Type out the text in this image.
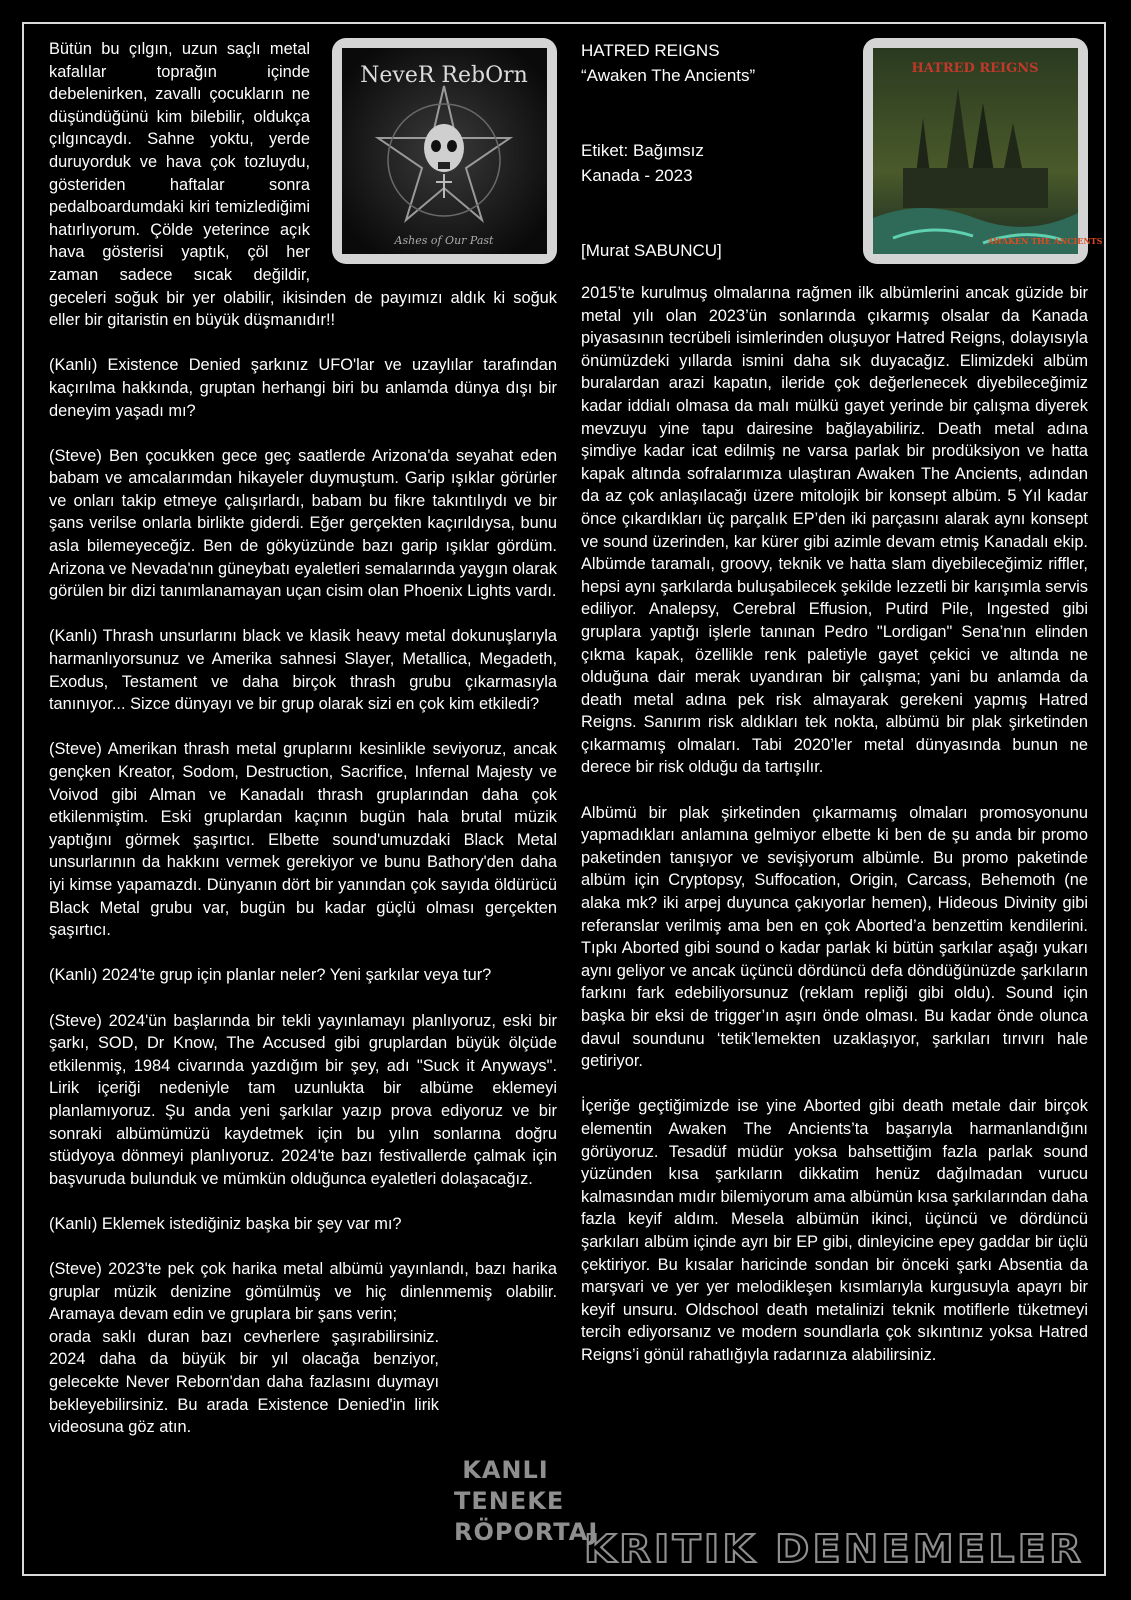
NeveR RebOrn
Ashes of Our Past

Bütün bu çılgın, uzun saçlı metal kafalılar toprağın içinde debelenirken, zavallı çocukların ne düşündüğünü kim bilebilir, oldukça çılgıncaydı. Sahne yoktu, yerde duruyorduk ve hava çok tozluydu, gösteriden haftalar sonra pedalboardumdaki kiri temizlediğimi hatırlıyorum. Çölde yeterince açık hava gösterisi yaptık, çöl her zaman sadece sıcak değildir, geceleri soğuk bir yer olabilir, ikisinden de payımızı aldık ki soğuk eller bir gitaristin en büyük düşmanıdır!!

(Kanlı) Existence Denied şarkınız UFO'lar ve uzaylılar tarafından kaçırılma hakkında, gruptan herhangi biri bu anlamda dünya dışı bir deneyim yaşadı mı?

(Steve) Ben çocukken gece geç saatlerde Arizona'da seyahat eden babam ve amcalarımdan hikayeler duymuştum. Garip ışıklar görürler ve onları takip etmeye çalışırlardı, babam bu fikre takıntılıydı ve bir şans verilse onlarla birlikte giderdi. Eğer gerçekten kaçırıldıysa, bunu asla bilemeyeceğiz. Ben de gökyüzünde bazı garip ışıklar gördüm. Arizona ve Nevada'nın güneybatı eyaletleri semalarında yaygın olarak görülen bir dizi tanımlanamayan uçan cisim olan Phoenix Lights vardı.

(Kanlı) Thrash unsurlarını black ve klasik heavy metal dokunuşlarıyla harmanlıyorsunuz ve Amerika sahnesi Slayer, Metallica, Megadeth, Exodus, Testament ve daha birçok thrash grubu çıkarmasıyla tanınıyor... Sizce dünyayı ve bir grup olarak sizi en çok kim etkiledi?

(Steve) Amerikan thrash metal gruplarını kesinlikle seviyoruz, ancak gençken Kreator, Sodom, Destruction, Sacrifice, Infernal Majesty ve Voivod gibi Alman ve Kanadalı thrash gruplarından daha çok etkilenmiştim. Eski gruplardan kaçının bugün hala brutal müzik yaptığını görmek şaşırtıcı. Elbette sound'umuzdaki Black Metal unsurlarının da hakkını vermek gerekiyor ve bunu Bathory'den daha iyi kimse yapamazdı. Dünyanın dört bir yanından çok sayıda öldürücü Black Metal grubu var, bugün bu kadar güçlü olması gerçekten şaşırtıcı.

(Kanlı) 2024'te grup için planlar neler? Yeni şarkılar veya tur?

(Steve) 2024'ün başlarında bir tekli yayınlamayı planlıyoruz, eski bir şarkı, SOD, Dr Know, The Accused gibi gruplardan büyük ölçüde etkilenmiş, 1984 civarında yazdığım bir şey, adı "Suck it Anyways". Lirik içeriği nedeniyle tam uzunlukta bir albüme eklemeyi planlamıyoruz. Şu anda yeni şarkılar yazıp prova ediyoruz ve bir sonraki albümümüzü kaydetmek için bu yılın sonlarına doğru stüdyoya dönmeyi planlıyoruz. 2024'te bazı festivallerde çalmak için başvuruda bulunduk ve mümkün olduğunca eyaletleri dolaşacağız.

(Kanlı) Eklemek istediğiniz başka bir şey var mı?

(Steve) 2023'te pek çok harika metal albümü yayınlandı, bazı harika gruplar müzik denizine gömülmüş ve hiç dinlenmemiş olabilir. Aramaya devam edin ve gruplara bir şans verin;

orada saklı duran bazı cevherlere şaşırabilirsiniz. 2024 daha da büyük bir yıl olacağa benziyor, gelecekte Never Reborn'dan daha fazlasını duymayı bekleyebilirsiniz. Bu arada Existence Denied'in lirik videosuna göz atın.

KANLI
TENEKE
RÖPORTAJ
HATRED REIGNS
AWAKEN THE ANCIENTS

HATRED REIGNS

“Awaken The Ancients”

Etiket: Bağımsız

Kanada - 2023

[Murat SABUNCU]

2015’te kurulmuş olmalarına rağmen ilk albümlerini ancak güzide bir metal yılı olan 2023’ün sonlarında çıkarmış olsalar da Kanada piyasasının tecrübeli isimlerinden oluşuyor Hatred Reigns, dolayısıyla önümüzdeki yıllarda ismini daha sık duyacağız. Elimizdeki albüm buralardan arazi kapatın, ileride çok değerlenecek diyebileceğimiz kadar iddialı olmasa da malı mülkü gayet yerinde bir çalışma diyerek mevzuyu yine tapu dairesine bağlayabiliriz. Death metal adına şimdiye kadar icat edilmiş ne varsa parlak bir prodüksiyon ve hatta kapak altında sofralarımıza ulaştıran Awaken The Ancients, adından da az çok anlaşılacağı üzere mitolojik bir konsept albüm. 5 Yıl kadar önce çıkardıkları üç parçalık EP’den iki parçasını alarak aynı konsept ve sound üzerinden, kar kürer gibi azimle devam etmiş Kanadalı ekip. Albümde taramalı, groovy, teknik ve hatta slam diyebileceğimiz riffler, hepsi aynı şarkılarda buluşabilecek şekilde lezzetli bir karışımla servis ediliyor. Analepsy, Cerebral Effusion, Putird Pile, Ingested gibi gruplara yaptığı işlerle tanınan Pedro "Lordigan" Sena’nın elinden çıkma kapak, özellikle renk paletiyle gayet çekici ve altında ne olduğuna dair merak uyandıran bir çalışma; yani bu anlamda da death metal adına pek risk almayarak gerekeni yapmış Hatred Reigns. Sanırım risk aldıkları tek nokta, albümü bir plak şirketinden çıkarmamış olmaları. Tabi 2020’ler metal dünyasında bunun ne derece bir risk olduğu da tartışılır.

Albümü bir plak şirketinden çıkarmamış olmaları promosyonunu yapmadıkları anlamına gelmiyor elbette ki ben de şu anda bir promo paketinden tanışıyor ve sevişiyorum albümle. Bu promo paketinde albüm için Cryptopsy, Suffocation, Origin, Carcass, Behemoth (ne alaka mk? iki arpej duyunca çakıyorlar hemen), Hideous Divinity gibi referanslar verilmiş ama ben en çok Aborted’a benzettim kendilerini. Tıpkı Aborted gibi sound o kadar parlak ki bütün şarkılar aşağı yukarı aynı geliyor ve ancak üçüncü dördüncü defa döndüğünüzde şarkıların farkını fark edebiliyorsunuz (reklam repliği gibi oldu). Sound için başka bir eksi de trigger’ın aşırı önde olması. Bu kadar önde olunca davul soundunu ‘tetik’lemekten uzaklaşıyor, şarkıları tırıvırı hale getiriyor.

İçeriğe geçtiğimizde ise yine Aborted gibi death metale dair birçok elementin Awaken The Ancients’ta başarıyla harmanlandığını görüyoruz. Tesadüf müdür yoksa bahsettiğim fazla parlak sound yüzünden kısa şarkıların dikkatim henüz dağılmadan vurucu kalmasından mıdır bilemiyorum ama albümün kısa şarkılarından daha fazla keyif aldım. Mesela albümün ikinci, üçüncü ve dördüncü şarkıları albüm içinde ayrı bir EP gibi, dinleyicine epey gaddar bir üçlü çektiriyor. Bu kısalar haricinde sondan bir önceki şarkı Absentia da marşvari ve yer yer melodikleşen kısımlarıyla kurgusuyla apayrı bir keyif unsuru. Oldschool death metalinizi teknik motiflerle tüketmeyi tercih ediyorsanız ve modern soundlarla çok sıkıntınız yoksa Hatred Reigns’i gönül rahatlığıyla radarınıza alabilirsiniz.

KRITIK DENEMELER
